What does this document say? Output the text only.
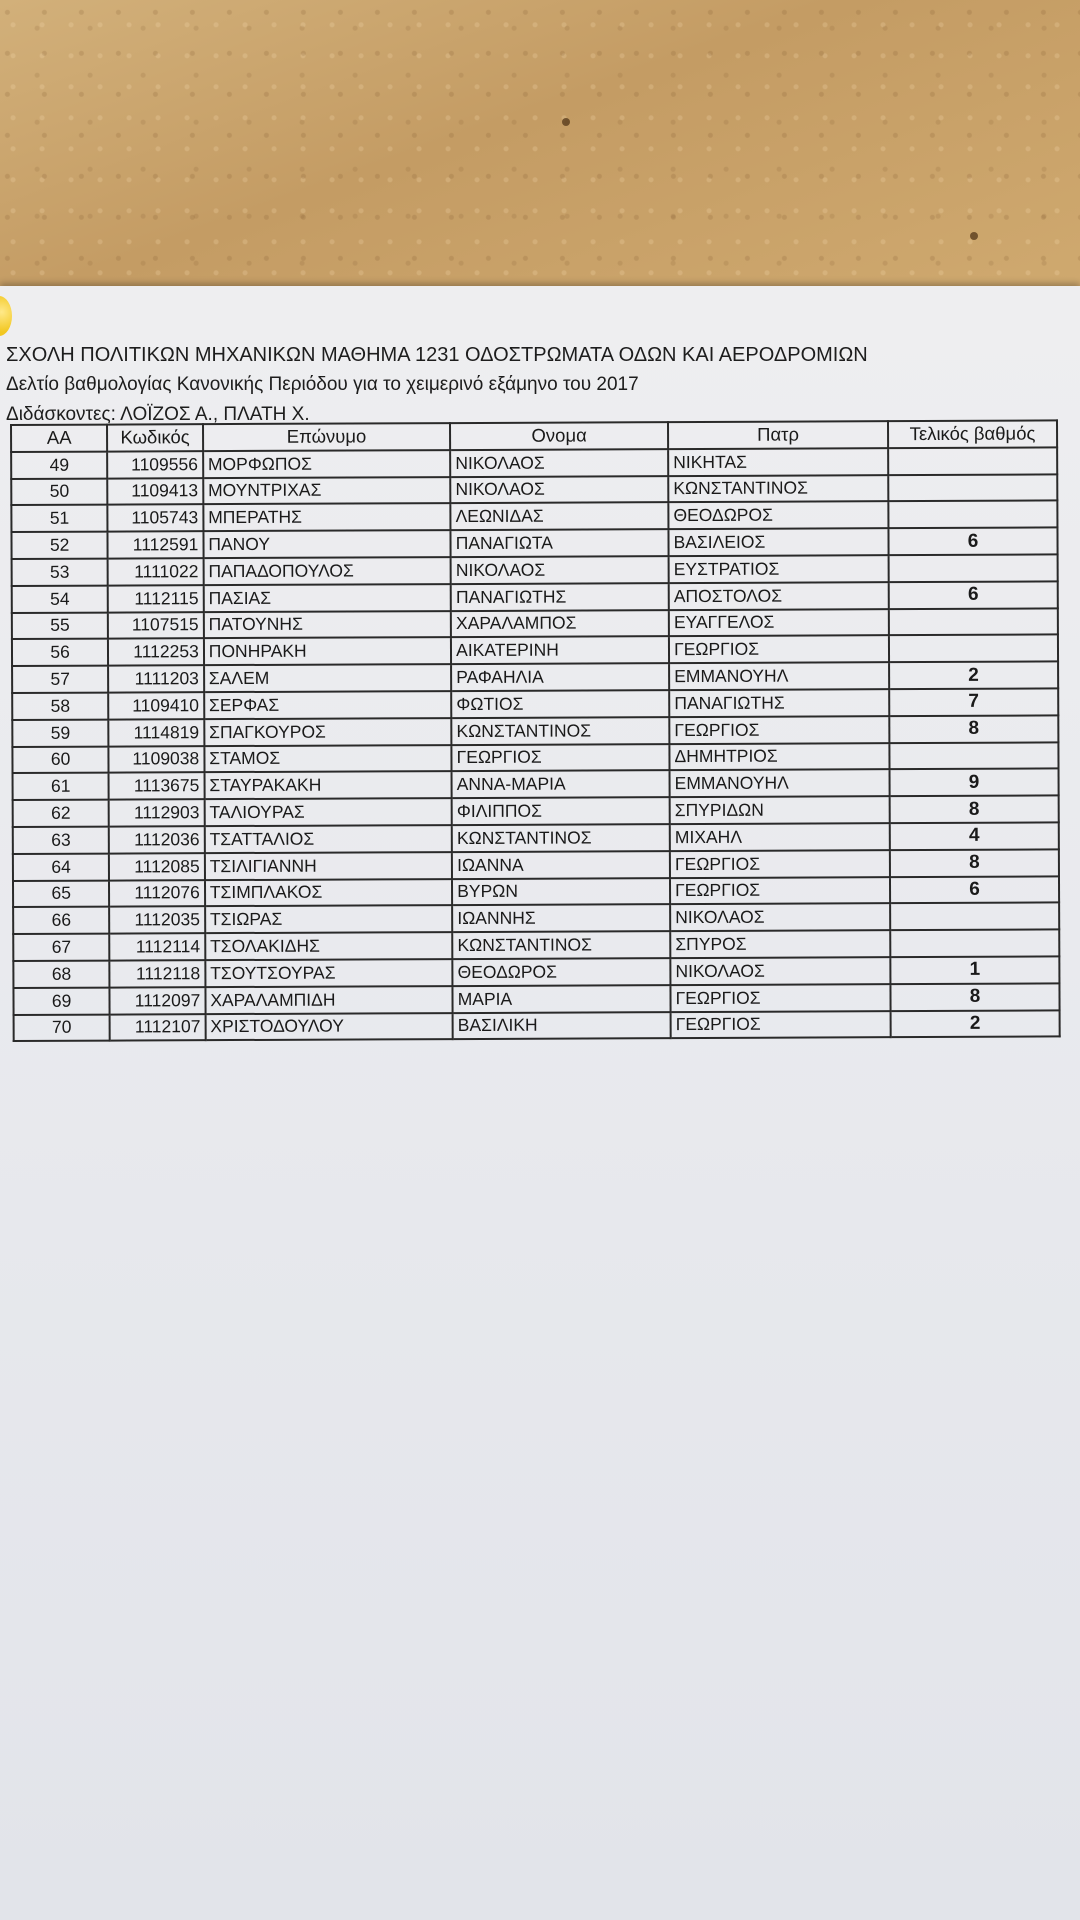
ΣΧΟΛΗ ΠΟΛΙΤΙΚΩΝ ΜΗΧΑΝΙΚΩΝ ΜΑΘΗΜΑ 1231 ΟΔΟΣΤΡΩΜΑΤΑ ΟΔΩΝ ΚΑΙ ΑΕΡΟΔΡΟΜΙΩΝ
Δελτίο βαθμολογίας Κανονικής Περιόδου για το χειμερινό εξάμηνο του 2017
Διδάσκοντες: ΛΟΪΖΟΣ Α., ΠΛΑΤΗ Χ.
ΑΑ	Κωδικός	Επώνυμο	Ονομα	Πατρ	Τελικός βαθμός
49	1109556	ΜΟΡΦΩΠΟΣ	ΝΙΚΟΛΑΟΣ	ΝΙΚΗΤΑΣ	
50	1109413	ΜΟΥΝΤΡΙΧΑΣ	ΝΙΚΟΛΑΟΣ	ΚΩΝΣΤΑΝΤΙΝΟΣ	
51	1105743	ΜΠΕΡΑΤΗΣ	ΛΕΩΝΙΔΑΣ	ΘΕΟΔΩΡΟΣ	
52	1112591	ΠΑΝΟΥ	ΠΑΝΑΓΙΩΤΑ	ΒΑΣΙΛΕΙΟΣ	6
53	1111022	ΠΑΠΑΔΟΠΟΥΛΟΣ	ΝΙΚΟΛΑΟΣ	ΕΥΣΤΡΑΤΙΟΣ	
54	1112115	ΠΑΣΙΑΣ	ΠΑΝΑΓΙΩΤΗΣ	ΑΠΟΣΤΟΛΟΣ	6
55	1107515	ΠΑΤΟΥΝΗΣ	ΧΑΡΑΛΑΜΠΟΣ	ΕΥΑΓΓΕΛΟΣ	
56	1112253	ΠΟΝΗΡΑΚΗ	ΑΙΚΑΤΕΡΙΝΗ	ΓΕΩΡΓΙΟΣ	
57	1111203	ΣΑΛΕΜ	ΡΑΦΑΗΛΙΑ	ΕΜΜΑΝΟΥΗΛ	2
58	1109410	ΣΕΡΦΑΣ	ΦΩΤΙΟΣ	ΠΑΝΑΓΙΩΤΗΣ	7
59	1114819	ΣΠΑΓΚΟΥΡΟΣ	ΚΩΝΣΤΑΝΤΙΝΟΣ	ΓΕΩΡΓΙΟΣ	8
60	1109038	ΣΤΑΜΟΣ	ΓΕΩΡΓΙΟΣ	ΔΗΜΗΤΡΙΟΣ	
61	1113675	ΣΤΑΥΡΑΚΑΚΗ	ΑΝΝΑ-ΜΑΡΙΑ	ΕΜΜΑΝΟΥΗΛ	9
62	1112903	ΤΑΛΙΟΥΡΑΣ	ΦΙΛΙΠΠΟΣ	ΣΠΥΡΙΔΩΝ	8
63	1112036	ΤΣΑΤΤΑΛΙΟΣ	ΚΩΝΣΤΑΝΤΙΝΟΣ	ΜΙΧΑΗΛ	4
64	1112085	ΤΣΙΛΙΓΙΑΝΝΗ	ΙΩΑΝΝΑ	ΓΕΩΡΓΙΟΣ	8
65	1112076	ΤΣΙΜΠΛΑΚΟΣ	ΒΥΡΩΝ	ΓΕΩΡΓΙΟΣ	6
66	1112035	ΤΣΙΩΡΑΣ	ΙΩΑΝΝΗΣ	ΝΙΚΟΛΑΟΣ	
67	1112114	ΤΣΟΛΑΚΙΔΗΣ	ΚΩΝΣΤΑΝΤΙΝΟΣ	ΣΠΥΡΟΣ	
68	1112118	ΤΣΟΥΤΣΟΥΡΑΣ	ΘΕΟΔΩΡΟΣ	ΝΙΚΟΛΑΟΣ	1
69	1112097	ΧΑΡΑΛΑΜΠΙΔΗ	ΜΑΡΙΑ	ΓΕΩΡΓΙΟΣ	8
70	1112107	ΧΡΙΣΤΟΔΟΥΛΟΥ	ΒΑΣΙΛΙΚΗ	ΓΕΩΡΓΙΟΣ	2
